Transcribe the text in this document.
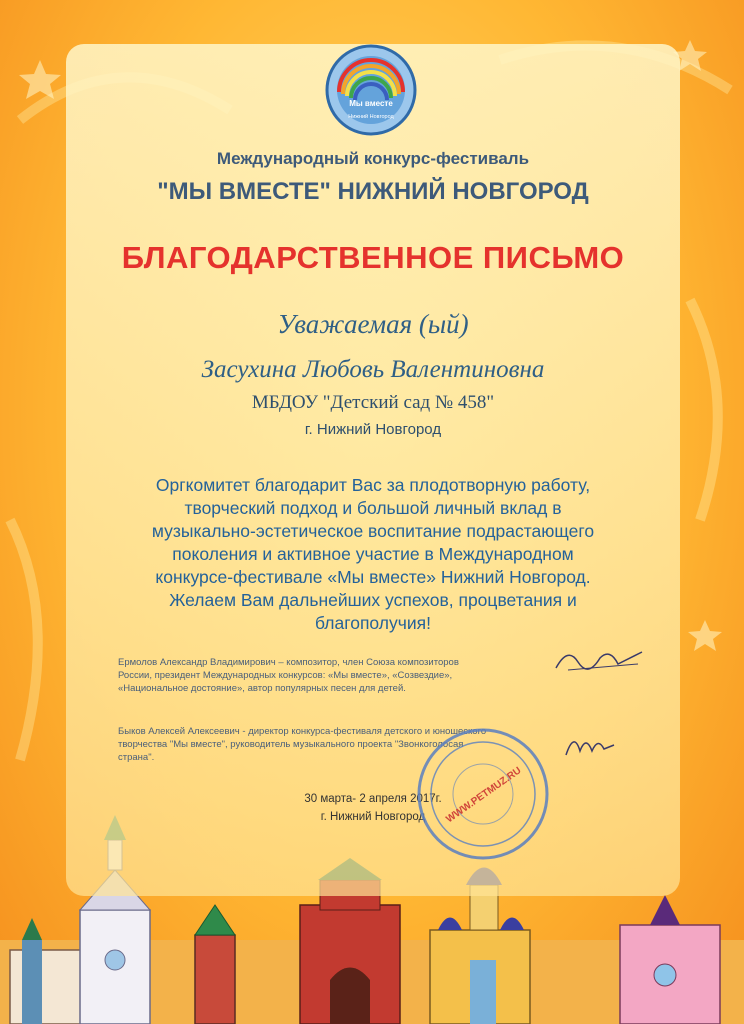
Мы вместе
Нижний Новгород
Международный конкурс-фестиваль
"МЫ ВМЕСТЕ" НИЖНИЙ НОВГОРОД
БЛАГОДАРСТВЕННОЕ ПИСЬМО
Уважаемая (ый)
Засухина Любовь Валентиновна
МБДОУ "Детский сад № 458"
г. Нижний Новгород
Оргкомитет благодарит Вас за плодотворную работу,
творческий подход и большой личный вклад в
музыкально-эстетическое воспитание подрастающего
поколения и активное участие в Международном
конкурсе-фестивале «Мы вместе» Нижний Новгород.
Желаем Вам дальнейших успехов, процветания и
благополучия!
Ермолов Александр Владимирович – композитор, член Союза композиторов
России, президент Международных конкурсов: «Мы вместе», «Созвездие»,
«Национальное достояние», автор популярных песен для детей.
Быков Алексей Алексеевич - директор конкурса-фестиваля детского и юношеского
творчества "Мы вместе", руководитель музыкального проекта "Звонкоголосая
страна".
30 марта- 2 апреля 2017г.
г. Нижний Новгород	WWW.PETMUZ.RU
